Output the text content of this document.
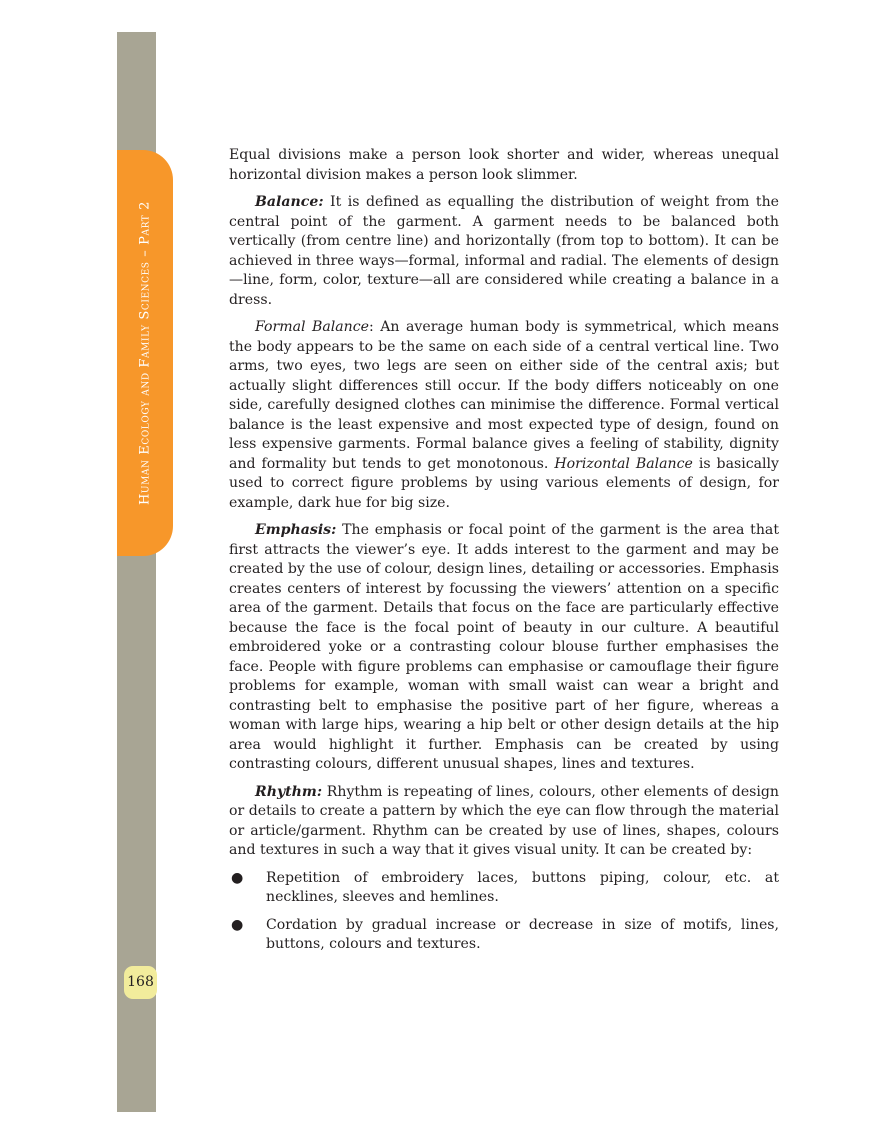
Human Ecology and Family Sciences – Part 2
168

Equal divisions make a person look shorter and wider, whereas unequal horizontal division makes a person look slimmer.

Balance: It is defined as equalling the distribution of weight from the central point of the garment. A garment needs to be balanced both vertically (from centre line) and horizontally (from top to bottom). It can be achieved in three ways—formal, informal and radial. The elements of design—line, form, color, texture—all are considered while creating a balance in a dress.

Formal Balance: An average human body is symmetrical, which means the body appears to be the same on each side of a central vertical line. Two arms, two eyes, two legs are seen on either side of the central axis; but actually slight differences still occur. If the body differs noticeably on one side, carefully designed clothes can minimise the difference. Formal vertical balance is the least expensive and most expected type of design, found on less expensive garments. Formal balance gives a feeling of stability, dignity and formality but tends to get monotonous. Horizontal Balance is basically used to correct figure problems by using various elements of design, for example, dark hue for big size.

Emphasis: The emphasis or focal point of the garment is the area that first attracts the viewer’s eye. It adds interest to the garment and may be created by the use of colour, design lines, detailing or accessories. Emphasis creates centers of interest by focussing the viewers’ attention on a specific area of the garment. Details that focus on the face are particularly effective because the face is the focal point of beauty in our culture. A beautiful embroidered yoke or a contrasting colour blouse further emphasises the face. People with figure problems can emphasise or camouflage their figure problems for example, woman with small waist can wear a bright and contrasting belt to emphasise the positive part of her figure, whereas a woman with large hips, wearing a hip belt or other design details at the hip area would highlight it further. Emphasis can be created by using contrasting colours, different unusual shapes, lines and textures.

Rhythm: Rhythm is repeating of lines, colours, other elements of design or details to create a pattern by which the eye can flow through the material or article/garment. Rhythm can be created by use of lines, shapes, colours and textures in such a way that it gives visual unity. It can be created by:

● Repetition of embroidery laces, buttons piping, colour, etc. at necklines, sleeves and hemlines.
● Cordation by gradual increase or decrease in size of motifs, lines, buttons, colours and textures.
